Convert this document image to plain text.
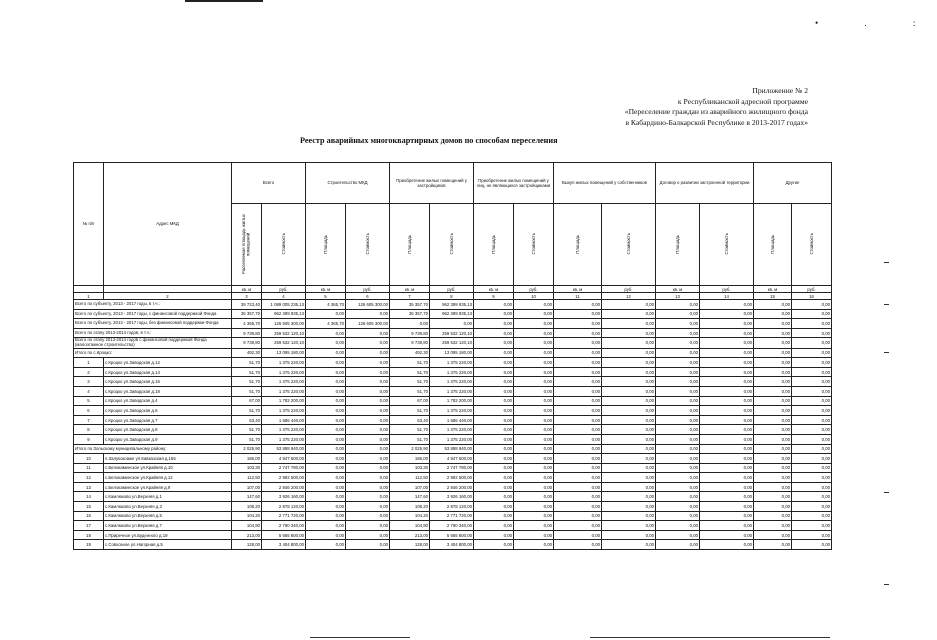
• . :
Приложение № 2
к Республиканской адресной программе
«Переселение граждан из аварийного жилищного фонда
в Кабардино-Балкарской Республике в 2013-2017 годах»
Реестр аварийных многоквартирных домов по способам переселения
№ п/п	Адрес МКД	Всего		Строительство МКД		Приобретение жилых помещений у застройщиков		Приобретение жилых помещений у лиц, не являющихся застройщиками		Выкуп жилых помещений у собственников		Договор о развитии застроенной территории		Другие	
		Расселяемая площадь жилых помещений	Стоимость	Площадь	Стоимость	Площадь	Стоимость	Площадь	Стоимость	Площадь	Стоимость	Площадь	Стоимость	Площадь	Стоимость
		кв. м	руб.	кв. м	руб.	кв. м	руб.	кв. м	руб.	кв. м	руб.	кв. м	руб.	кв. м	руб.
1	2	3	4	5	6	7	8	9	10	11	12	13	14	15	16
Всего по субъекту, 2013 - 2017 годы, в т.ч.:		39 723,40	1 089 005 235,13	4 365,70	126 605 300,00	35 357,70	962 399 935,13	0,00	0,00	0,00	0,00	0,00	0,00	0,00	0,00
Всего по субъекту, 2013 - 2017 годы, с финансовой поддержкой Фонда		35 357,70	962 399 935,13	0,00	0,00	35 357,70	962 399 935,13	0,00	0,00	0,00	0,00	0,00	0,00	0,00	0,00
Всего по субъекту, 2013 - 2017 годы, без финансовой поддержки Фонда		4 365,70	126 605 300,00	4 365,70	126 605 300,00	0,00	0,00	0,00	0,00	0,00	0,00	0,00	0,00	0,00	0,00
Всего по этапу 2013-2014 годов, в т.ч.:		9 739,80	259 532 120,10	0,00	0,00	9 739,80	259 532 120,10	0,00	0,00	0,00	0,00	0,00	0,00	0,00	0,00
Всего по этапу 2013-2014 годов с финансовой поддержкой Фонда (малоэтажное строительство)		9 739,80	259 532 120,10	0,00	0,00	9 739,80	259 532 120,10	0,00	0,00	0,00	0,00	0,00	0,00	0,00	0,00
Итого по с.Кроцко:		492,30	13 095 180,00	0,00	0,00	492,30	13 095 180,00	0,00	0,00	0,00	0,00	0,00	0,00	0,00	0,00
1	с.Кроцко ул.Заводская д.12	51,70	1 375 220,00	0,00	0,00	51,70	1 375 220,00	0,00	0,00	0,00	0,00	0,00	0,00	0,00	0,00
2	с.Кроцко ул.Заводская д.14	51,70	1 375 220,00	0,00	0,00	51,70	1 375 220,00	0,00	0,00	0,00	0,00	0,00	0,00	0,00	0,00
3	с.Кроцко ул.Заводская д.16	51,70	1 375 220,00	0,00	0,00	51,70	1 375 220,00	0,00	0,00	0,00	0,00	0,00	0,00	0,00	0,00
4	с.Кроцко ул.Заводская д.18	51,70	1 375 220,00	0,00	0,00	51,70	1 375 220,00	0,00	0,00	0,00	0,00	0,00	0,00	0,00	0,00
5	с.Кроцко ул.Заводская д.4	67,00	1 782 200,00	0,00	0,00	67,00	1 782 200,00	0,00	0,00	0,00	0,00	0,00	0,00	0,00	0,00
6	с.Кроцко ул.Заводская д.6	51,70	1 375 220,00	0,00	0,00	51,70	1 375 220,00	0,00	0,00	0,00	0,00	0,00	0,00	0,00	0,00
7	с.Кроцко ул.Заводская д.7	63,40	1 686 440,00	0,00	0,00	63,40	1 686 440,00	0,00	0,00	0,00	0,00	0,00	0,00	0,00	0,00
8	с.Кроцко ул.Заводская д.8	51,70	1 375 220,00	0,00	0,00	51,70	1 375 220,00	0,00	0,00	0,00	0,00	0,00	0,00	0,00	0,00
9	с.Кроцко ул.Заводская д.9	51,70	1 375 220,00	0,00	0,00	51,70	1 375 220,00	0,00	0,00	0,00	0,00	0,00	0,00	0,00	0,00
Итого по Зольскому муниципальному району:		2 025,90	53 888 940,00	0,00	0,00	2 025,90	53 888 940,00	0,00	0,00	0,00	0,00	0,00	0,00	0,00	0,00
10	п.Залукокоаже ул.Кавказская д.155	186,00	4 947 600,00	0,00	0,00	186,00	4 947 600,00	0,00	0,00	0,00	0,00	0,00	0,00	0,00	0,00
11	с.Белокаменское ул.Крайняя д.10	103,30	2 747 780,00	0,00	0,00	103,30	2 747 780,00	0,00	0,00	0,00	0,00	0,00	0,00	0,00	0,00
12	с.Белокаменское ул.Крайняя д.12	112,50	2 992 500,00	0,00	0,00	112,50	2 992 500,00	0,00	0,00	0,00	0,00	0,00	0,00	0,00	0,00
13	с.Белокаменское ул.Крайняя д.9	107,00	2 846 200,00	0,00	0,00	107,00	2 846 200,00	0,00	0,00	0,00	0,00	0,00	0,00	0,00	0,00
14	с.Камлюково ул.Верхняя д.1	147,60	3 926 160,00	0,00	0,00	147,60	3 926 160,00	0,00	0,00	0,00	0,00	0,00	0,00	0,00	0,00
15	с.Камлюково ул.Верхняя д.3	108,20	2 878 120,00	0,00	0,00	108,20	2 878 120,00	0,00	0,00	0,00	0,00	0,00	0,00	0,00	0,00
16	с.Камлюково ул.Верхняя д.5	104,20	2 771 720,00	0,00	0,00	104,20	2 771 720,00	0,00	0,00	0,00	0,00	0,00	0,00	0,00	0,00
17	с.Камлюково ул.Верхняя д.7	104,90	2 790 340,00	0,00	0,00	104,90	2 790 340,00	0,00	0,00	0,00	0,00	0,00	0,00	0,00	0,00
18	с.Приречное ул.Буденного д.19	213,00	5 665 800,00	0,00	0,00	213,00	5 665 800,00	0,00	0,00	0,00	0,00	0,00	0,00	0,00	0,00
19	с.Совхозное ул.Нагорная д.5	128,00	3 404 800,00	0,00	0,00	128,00	3 404 800,00	0,00	0,00	0,00	0,00	0,00	0,00	0,00	0,00
